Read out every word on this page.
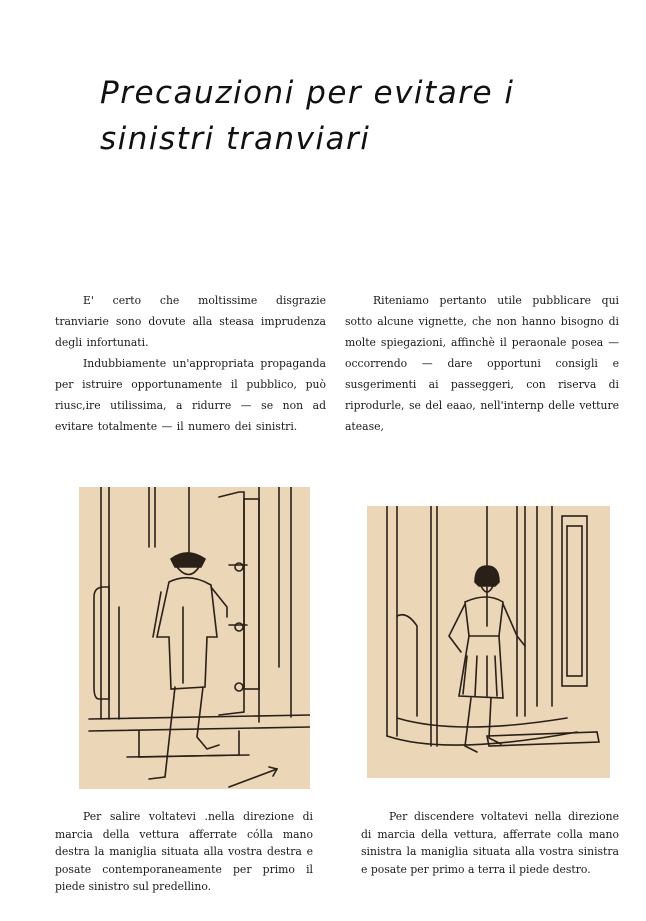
Precauzioni per evitare i
sinistri tranviari

E' certo che moltissime disgrazie tranviarie sono dovute alla steasa imprudenza degli infortunati.

Indubbiamente un'appropriata propaganda per istruire opportunamente il pubblico, può riusc,ire utilissima, a ridurre — se non ad evitare totalmente — il numero dei sinistri.

Riteniamo pertanto utile pubblicare qui sotto alcune vignette, che non hanno bisogno di molte spiegazioni, affinchè il peraonale posea — occorrendo — dare opportuni consigli e susgerimenti ai passeggeri, con riserva di riprodurle, se del eaao, nell'internp delle vetture atease,

Per salire voltatevi .nella direzione di marcia della vettura afferrate cólla mano destra la maniglia situata alla vostra destra e posate contemporaneamente per primo il piede sinistro sul predellino.

Per discendere voltatevi nella direzione di marcia della vettura, afferrate colla mano sinistra la maniglia situata alla vostra sinistra e posate per primo a terra il piede destro.
